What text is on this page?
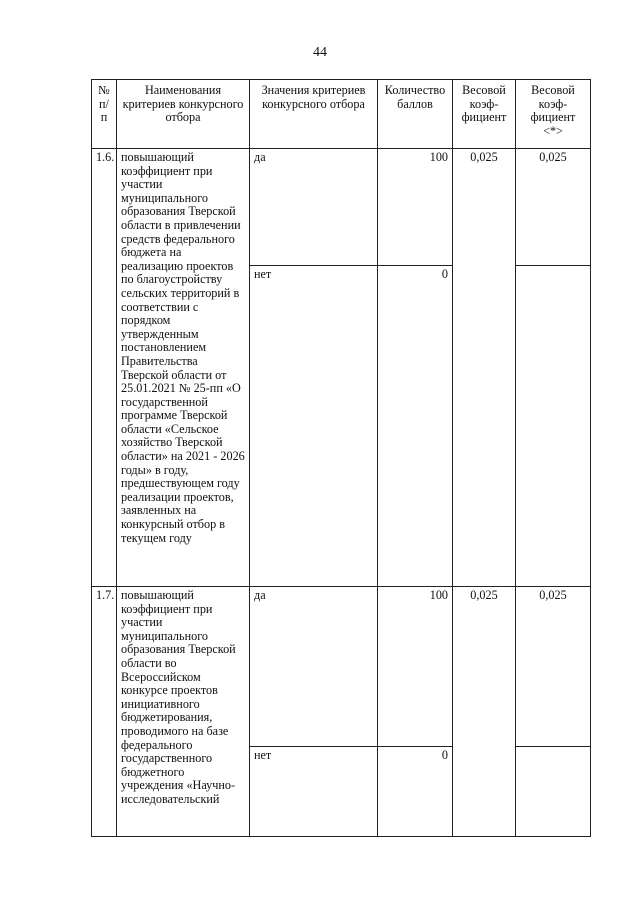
44
№ п/п	Наименования критериев конкурсного отбора	Значения критериев конкурсного отбора	Количество баллов	Весовой коэф-фициент	Весовой коэф-фициент <*>
1.6.	повышающий коэффициент при участии муниципального образования Тверской области в привлечении средств федерального бюджета на реализацию проектов по благоустройству сельских территорий в соответствии с порядком утвержденным постановлением Правительства Тверской области от 25.01.2021 № 25-пп «О государственной программе Тверской области «Сельское хозяйство Тверской области» на 2021 - 2026 годы» в году, предшествующем году реализации проектов, заявленных на конкурсный отбор в текущем году	да	100	0,025	0,025
		нет	0		
1.7.	повышающий коэффициент при участии муниципального образования Тверской области во Всероссийском конкурсе проектов инициативного бюджетирования, проводимого на базе федерального государственного бюджетного учреждения «Научно-исследовательский	да	100	0,025	0,025
		нет	0		
